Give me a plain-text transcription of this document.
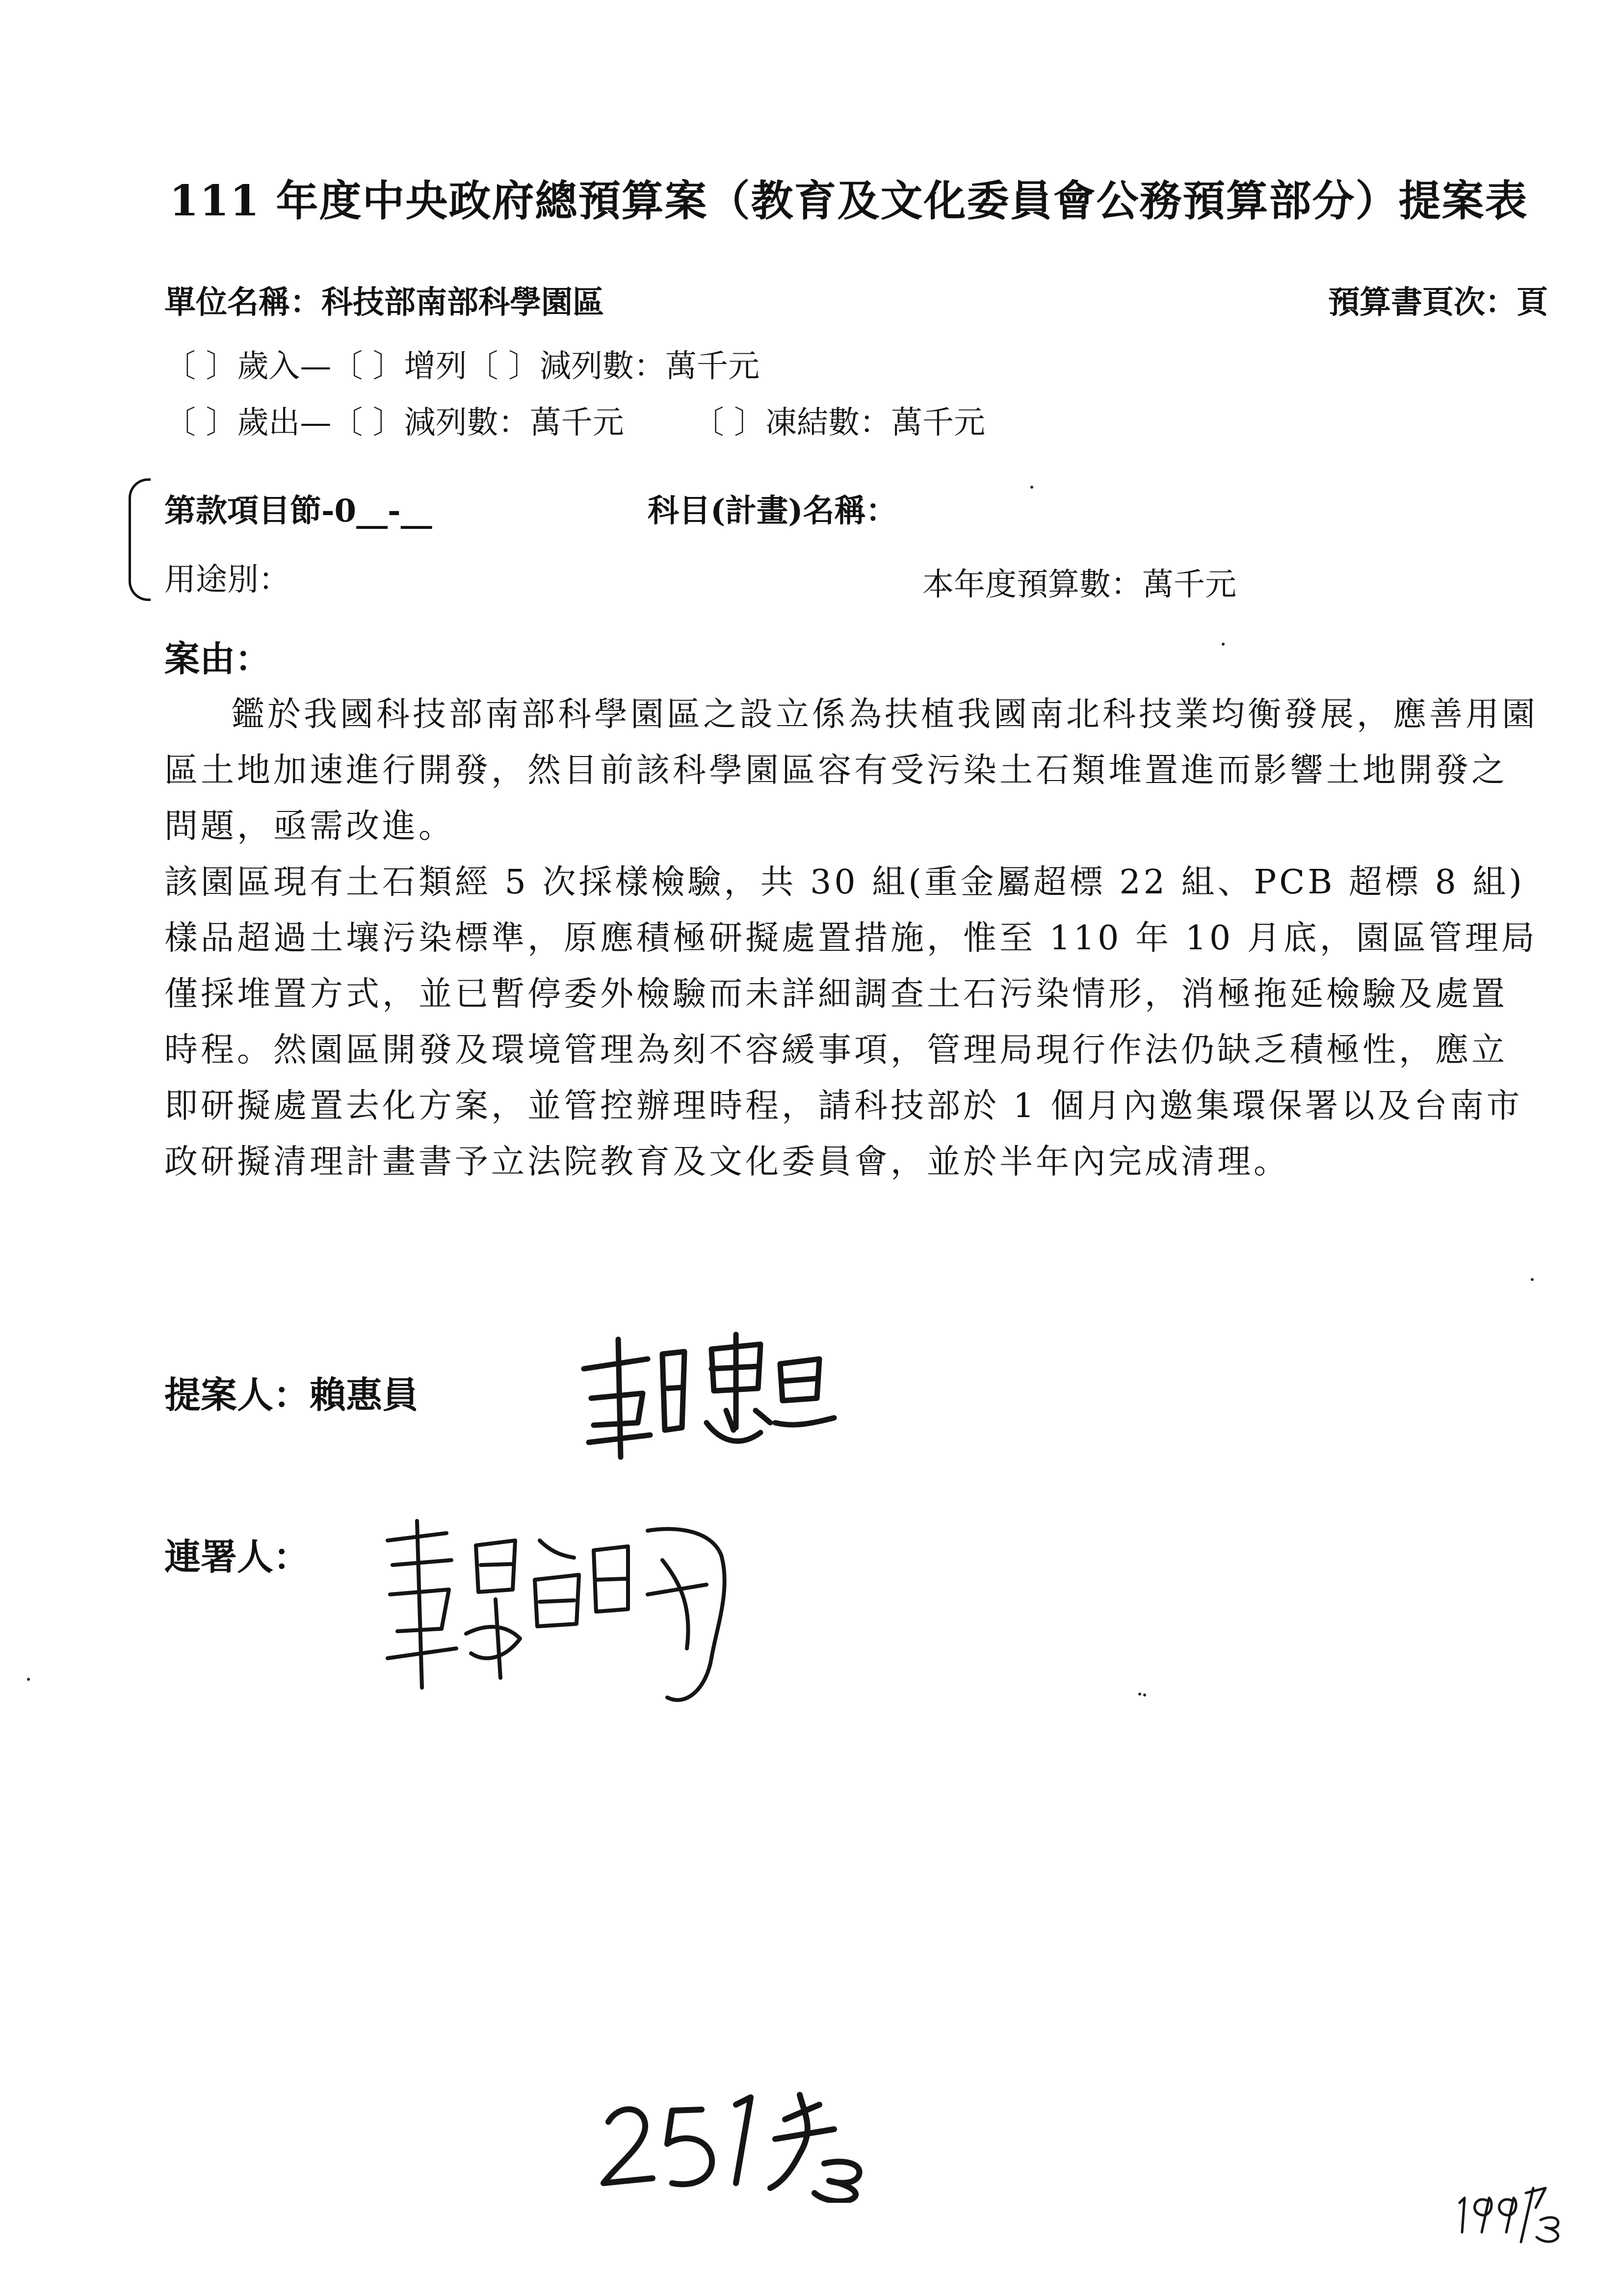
111 年度中央政府總預算案（教育及文化委員會公務預算部分）提案表
單位名稱：科技部南部科學園區	預算書頁次：頁
〔 〕歲入—〔 〕增列〔 〕減列數：萬千元
〔 〕歲出—〔 〕減列數：萬千元 〔 〕凍結數：萬千元
第款項目節-0__-__	科目(計畫)名稱：
用途別：	本年度預算數：萬千元
案由：

鑑於我國科技部南部科學園區之設立係為扶植我國南北科技業均衡發展，應善用園區土地加速進行開發，然目前該科學園區容有受污染土石類堆置進而影響土地開發之問題，亟需改進。

該園區現有土石類經 5 次採樣檢驗，共 30 組(重金屬超標 22 組、PCB 超標 8 組)樣品超過土壤污染標準，原應積極研擬處置措施，惟至 110 年 10 月底，園區管理局僅採堆置方式，並已暫停委外檢驗而未詳細調查土石污染情形，消極拖延檢驗及處置時程。然園區開發及環境管理為刻不容緩事項，管理局現行作法仍缺乏積極性，應立即研擬處置去化方案，並管控辦理時程，請科技部於 1 個月內邀集環保署以及台南市政研擬清理計畫書予立法院教育及文化委員會，並於半年內完成清理。

提案人：賴惠員
連署人：
